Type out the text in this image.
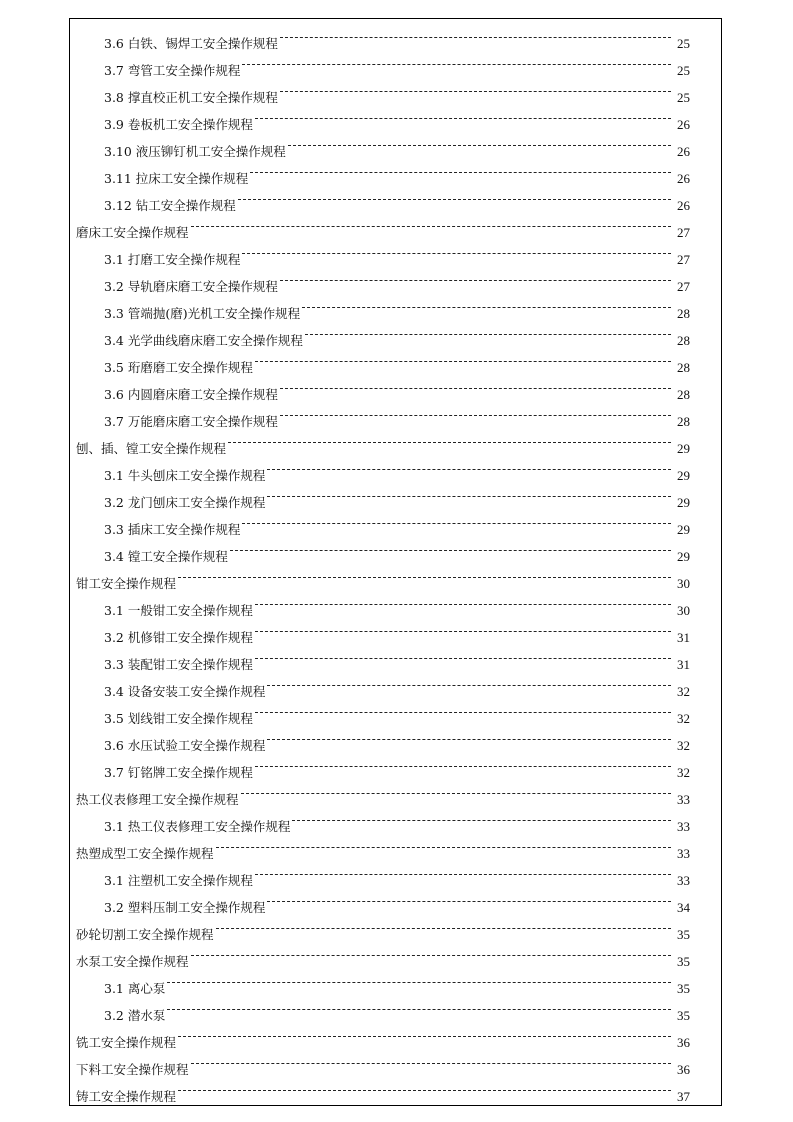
3.6 白铁、锡焊工安全操作规程	25
3.7 弯管工安全操作规程	25
3.8 撑直校正机工安全操作规程	25
3.9 卷板机工安全操作规程	26
3.10 液压铆钉机工安全操作规程	26
3.11 拉床工安全操作规程	26
3.12 钻工安全操作规程	26
磨床工安全操作规程	27
3.1 打磨工安全操作规程	27
3.2 导轨磨床磨工安全操作规程	27
3.3 管端抛(磨)光机工安全操作规程	28
3.4 光学曲线磨床磨工安全操作规程	28
3.5 珩磨磨工安全操作规程	28
3.6 内圆磨床磨工安全操作规程	28
3.7 万能磨床磨工安全操作规程	28
刨、插、镗工安全操作规程	29
3.1 牛头刨床工安全操作规程	29
3.2 龙门刨床工安全操作规程	29
3.3 插床工安全操作规程	29
3.4 镗工安全操作规程	29
钳工安全操作规程	30
3.1 一般钳工安全操作规程	30
3.2 机修钳工安全操作规程	31
3.3 装配钳工安全操作规程	31
3.4 设备安装工安全操作规程	32
3.5 划线钳工安全操作规程	32
3.6 水压试验工安全操作规程	32
3.7 钉铭牌工安全操作规程	32
热工仪表修理工安全操作规程	33
3.1 热工仪表修理工安全操作规程	33
热塑成型工安全操作规程	33
3.1 注塑机工安全操作规程	33
3.2 塑料压制工安全操作规程	34
砂轮切割工安全操作规程	35
水泵工安全操作规程	35
3.1 离心泵	35
3.2 潜水泵	35
铣工安全操作规程	36
下料工安全操作规程	36
铸工安全操作规程	37
